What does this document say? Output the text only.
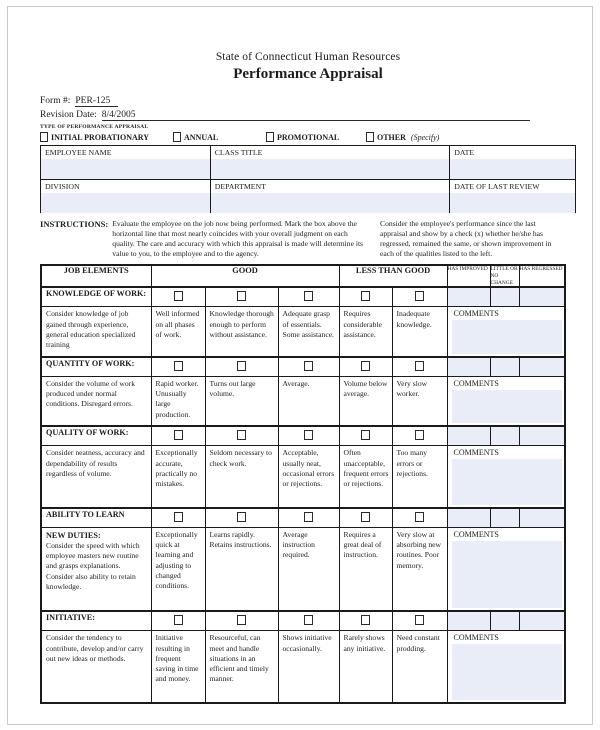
State of Connecticut Human Resources
Performance Appraisal
Form #: PER-125
Revision Date: 8/4/2005
TYPE OF PERFORMANCE APPRAISAL
INITIAL PROBATIONARY	ANNUAL	PROMOTIONAL	OTHER (Specify)
EMPLOYEE NAME	CLASS TITLE	DATE

DIVISION	DEPARTMENT	DATE OF LAST REVIEW
INSTRUCTIONS: Evaluate the employee on the job now being performed. Mark the box above the horizontal line that most nearly coincides with your overall judgment on each quality. The care and accuracy with which this appraisal is made will determine its value to you, to the employee and to the agency.
Consider the employee's performance since the last appraisal and show by a check (x) whether he/she has regressed, remained the same, or shown improvement in each of the qualities listed to the left.
JOB ELEMENTS	GOOD			LESS THAN GOOD		HAS IMPROVED	LITTLE OR NO CHANGE	HAS REGRESSED
KNOWLEDGE OF WORK:								

Consider knowledge of job gained through experience, general education specialized training	Well informed on all phases of work.	Knowledge thorough enough to perform without assistance.	Adequate grasp of essentials. Some assistance.	Requires considerable assistance.	Inadequate knowledge.	COMMENTS		

QUANTITY OF WORK:								

Consider the volume of work produced under normal conditions. Disregard errors.	Rapid worker. Unusually large production.	Turns out large volume.	Average.	Volume below average.	Very slow worker.	COMMENTS		

QUALITY OF WORK:								

Consider neatness, accuracy and dependability of results regardless of volume.	Exceptionally accurate, practically no mistakes.	Seldom necessary to check work.	Acceptable, usually neat, occasional errors or rejections.	Often unacceptable, frequent errors or rejections.	Too many errors or rejections.	COMMENTS		

ABILITY TO LEARN								

NEW DUTIES:
Consider the speed with which employee masters new routine and grasps explanations. Consider also ability to retain knowledge.	Exceptionally quick at learning and adjusting to changed conditions.	Learns rapidly. Retains instructions.	Average instruction required.	Requires a great deal of instruction.	Very slow at absorbing new routines. Poor memory.	COMMENTS		

INITIATIVE:								

Consider the tendency to contribute, develop and/or carry out new ideas or methods.	Initiative resulting in frequent saving in time and money.	Resourceful, can meet and handle situations in an efficient and timely manner.	Shows initiative occasionally.	Rarely shows any initiative.	Need constant prodding.	COMMENTS		
